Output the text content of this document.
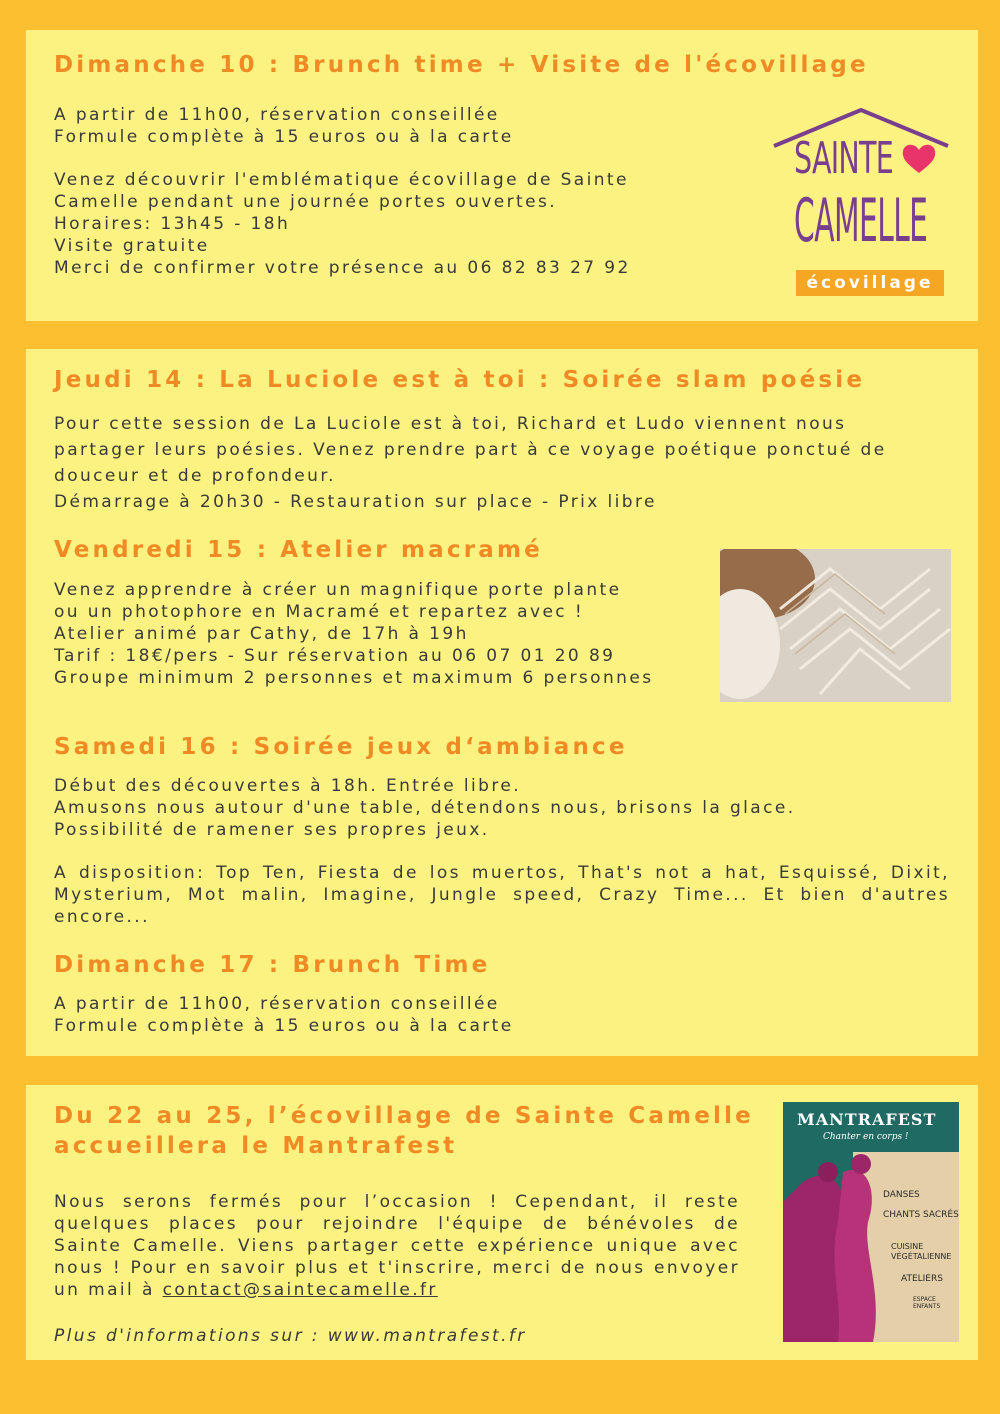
Dimanche 10 : Brunch time + Visite de l'écovillage
A partir de 11h00, réservation conseillée
Formule complète à 15 euros ou à la carte
Venez découvrir l'emblématique écovillage de Sainte
Camelle pendant une journée portes ouvertes.
Horaires: 13h45 - 18h
Visite gratuite
Merci de confirmer votre présence au 06 82 83 27 92
SAINTE
CAMELLE
écovillage
Jeudi 14 : La Luciole est à toi : Soirée slam poésie
Pour cette session de La Luciole est à toi, Richard et Ludo viennent nous
partager leurs poésies. Venez prendre part à ce voyage poétique ponctué de
douceur et de profondeur.
Démarrage à 20h30 - Restauration sur place - Prix libre
Vendredi 15 : Atelier macramé
Venez apprendre à créer un magnifique porte plante
ou un photophore en Macramé et repartez avec !
Atelier animé par Cathy, de 17h à 19h
Tarif : 18€/pers - Sur réservation au 06 07 01 20 89
Groupe minimum 2 personnes et maximum 6 personnes
Samedi 16 : Soirée jeux d‘ambiance
Début des découvertes à 18h. Entrée libre.
Amusons nous autour d'une table, détendons nous, brisons la glace.
Possibilité de ramener ses propres jeux.
A disposition: Top Ten, Fiesta de los muertos, That's not a hat, Esquissé, Dixit, Mysterium, Mot malin, Imagine, Jungle speed, Crazy Time... Et bien d'autres encore...
Dimanche 17 : Brunch Time
A partir de 11h00, réservation conseillée
Formule complète à 15 euros ou à la carte
Du 22 au 25, l’écovillage de Sainte Camelle
accueillera le Mantrafest
Nous serons fermés pour l’occasion ! Cependant, il reste quelques places pour rejoindre l'équipe de bénévoles de Sainte Camelle. Viens partager cette expérience unique avec nous ! Pour en savoir plus et t'inscrire, merci de nous envoyer un mail à contact@saintecamelle.fr
Plus d'informations sur : www.mantrafest.fr
MANTRAFEST
Chanter en corps !
DANSES
CHANTS SACRÉS
CUISINE VÉGÉTALIENNE
ATELIERS
ESPACE ENFANTS
